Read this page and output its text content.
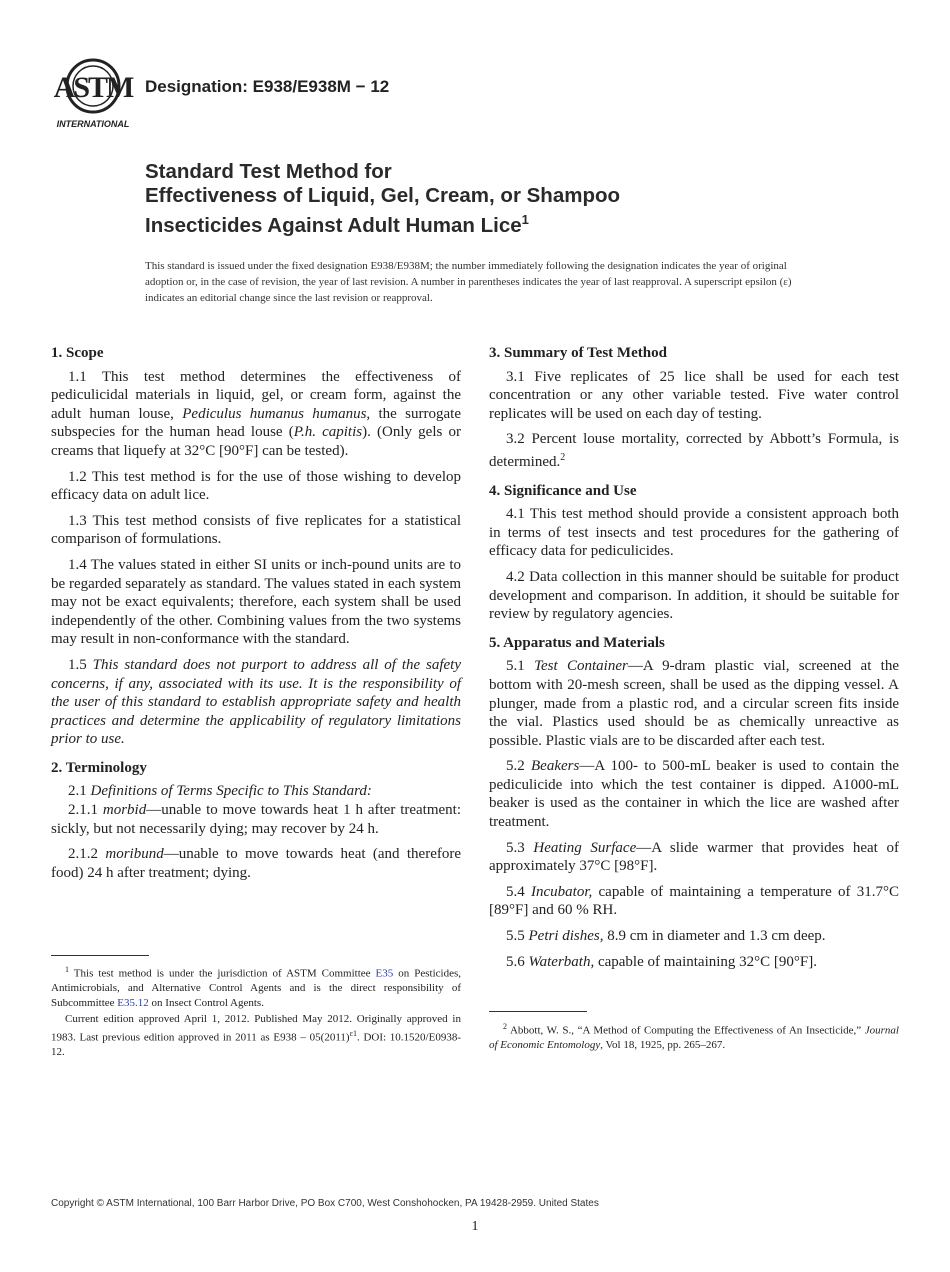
ASTM
INTERNATIONAL
Designation: E938/E938M − 12
Standard Test Method for
Effectiveness of Liquid, Gel, Cream, or Shampoo
Insecticides Against Adult Human Lice$^1$
This standard is issued under the fixed designation E938/E938M; the number immediately following the designation indicates the year of original adoption or, in the case of revision, the year of last revision. A number in parentheses indicates the year of last reapproval. A superscript epsilon (ε) indicates an editorial change since the last revision or reapproval.
1. Scope

1.1 This test method determines the effectiveness of pediculicidal materials in liquid, gel, or cream form, against the adult human louse, Pediculus humanus humanus, the surrogate subspecies for the human head louse (P.h. capitis). (Only gels or creams that liquefy at 32°C [90°F] can be tested).

1.2 This test method is for the use of those wishing to develop efficacy data on adult lice.

1.3 This test method consists of five replicates for a statistical comparison of formulations.

1.4 The values stated in either SI units or inch-pound units are to be regarded separately as standard. The values stated in each system may not be exact equivalents; therefore, each system shall be used independently of the other. Combining values from the two systems may result in non-conformance with the standard.

1.5 This standard does not purport to address all of the safety concerns, if any, associated with its use. It is the responsibility of the user of this standard to establish appropriate safety and health practices and determine the applicability of regulatory limitations prior to use.

2. Terminology

2.1 Definitions of Terms Specific to This Standard:

2.1.1 morbid—unable to move towards heat 1 h after treatment: sickly, but not necessarily dying; may recover by 24 h.

2.1.2 moribund—unable to move towards heat (and therefore food) 24 h after treatment; dying.

3. Summary of Test Method

3.1 Five replicates of 25 lice shall be used for each test concentration or any other variable tested. Five water control replicates will be used on each day of testing.

3.2 Percent louse mortality, corrected by Abbott’s Formula, is determined.$^2$

4. Significance and Use

4.1 This test method should provide a consistent approach both in terms of test insects and test procedures for the gathering of efficacy data for pediculicides.

4.2 Data collection in this manner should be suitable for product development and comparison. In addition, it should be suitable for review by regulatory agencies.

5. Apparatus and Materials

5.1 Test Container—A 9-dram plastic vial, screened at the bottom with 20-mesh screen, shall be used as the dipping vessel. A plunger, made from a plastic rod, and a circular screen fits inside the vial. Plastics used should be as chemically unreactive as possible. Plastic vials are to be discarded after each test.

5.2 Beakers—A 100- to 500-mL beaker is used to contain the pediculicide into which the test container is dipped. A1000-mL beaker is used as the container in which the lice are washed after treatment.

5.3 Heating Surface—A slide warmer that provides heat of approximately 37°C [98°F].

5.4 Incubator, capable of maintaining a temperature of 31.7°C [89°F] and 60 % RH.

5.5 Petri dishes, 8.9 cm in diameter and 1.3 cm deep.

5.6 Waterbath, capable of maintaining 32°C [90°F].

$^1$ This test method is under the jurisdiction of ASTM Committee E35 on Pesticides, Antimicrobials, and Alternative Control Agents and is the direct responsibility of Subcommittee E35.12 on Insect Control Agents.

Current edition approved April 1, 2012. Published May 2012. Originally approved in 1983. Last previous edition approved in 2011 as $E938 - 05(2011)^{\varepsilon 1}$. DOI: 10.1520/E0938-12.

$^2$ Abbott, W. S., “A Method of Computing the Effectiveness of An Insecticide,” Journal of Economic Entomology, Vol 18, 1925, pp. 265–267.

Copyright © ASTM International, 100 Barr Harbor Drive, PO Box C700, West Conshohocken, PA 19428-2959. United States
1
